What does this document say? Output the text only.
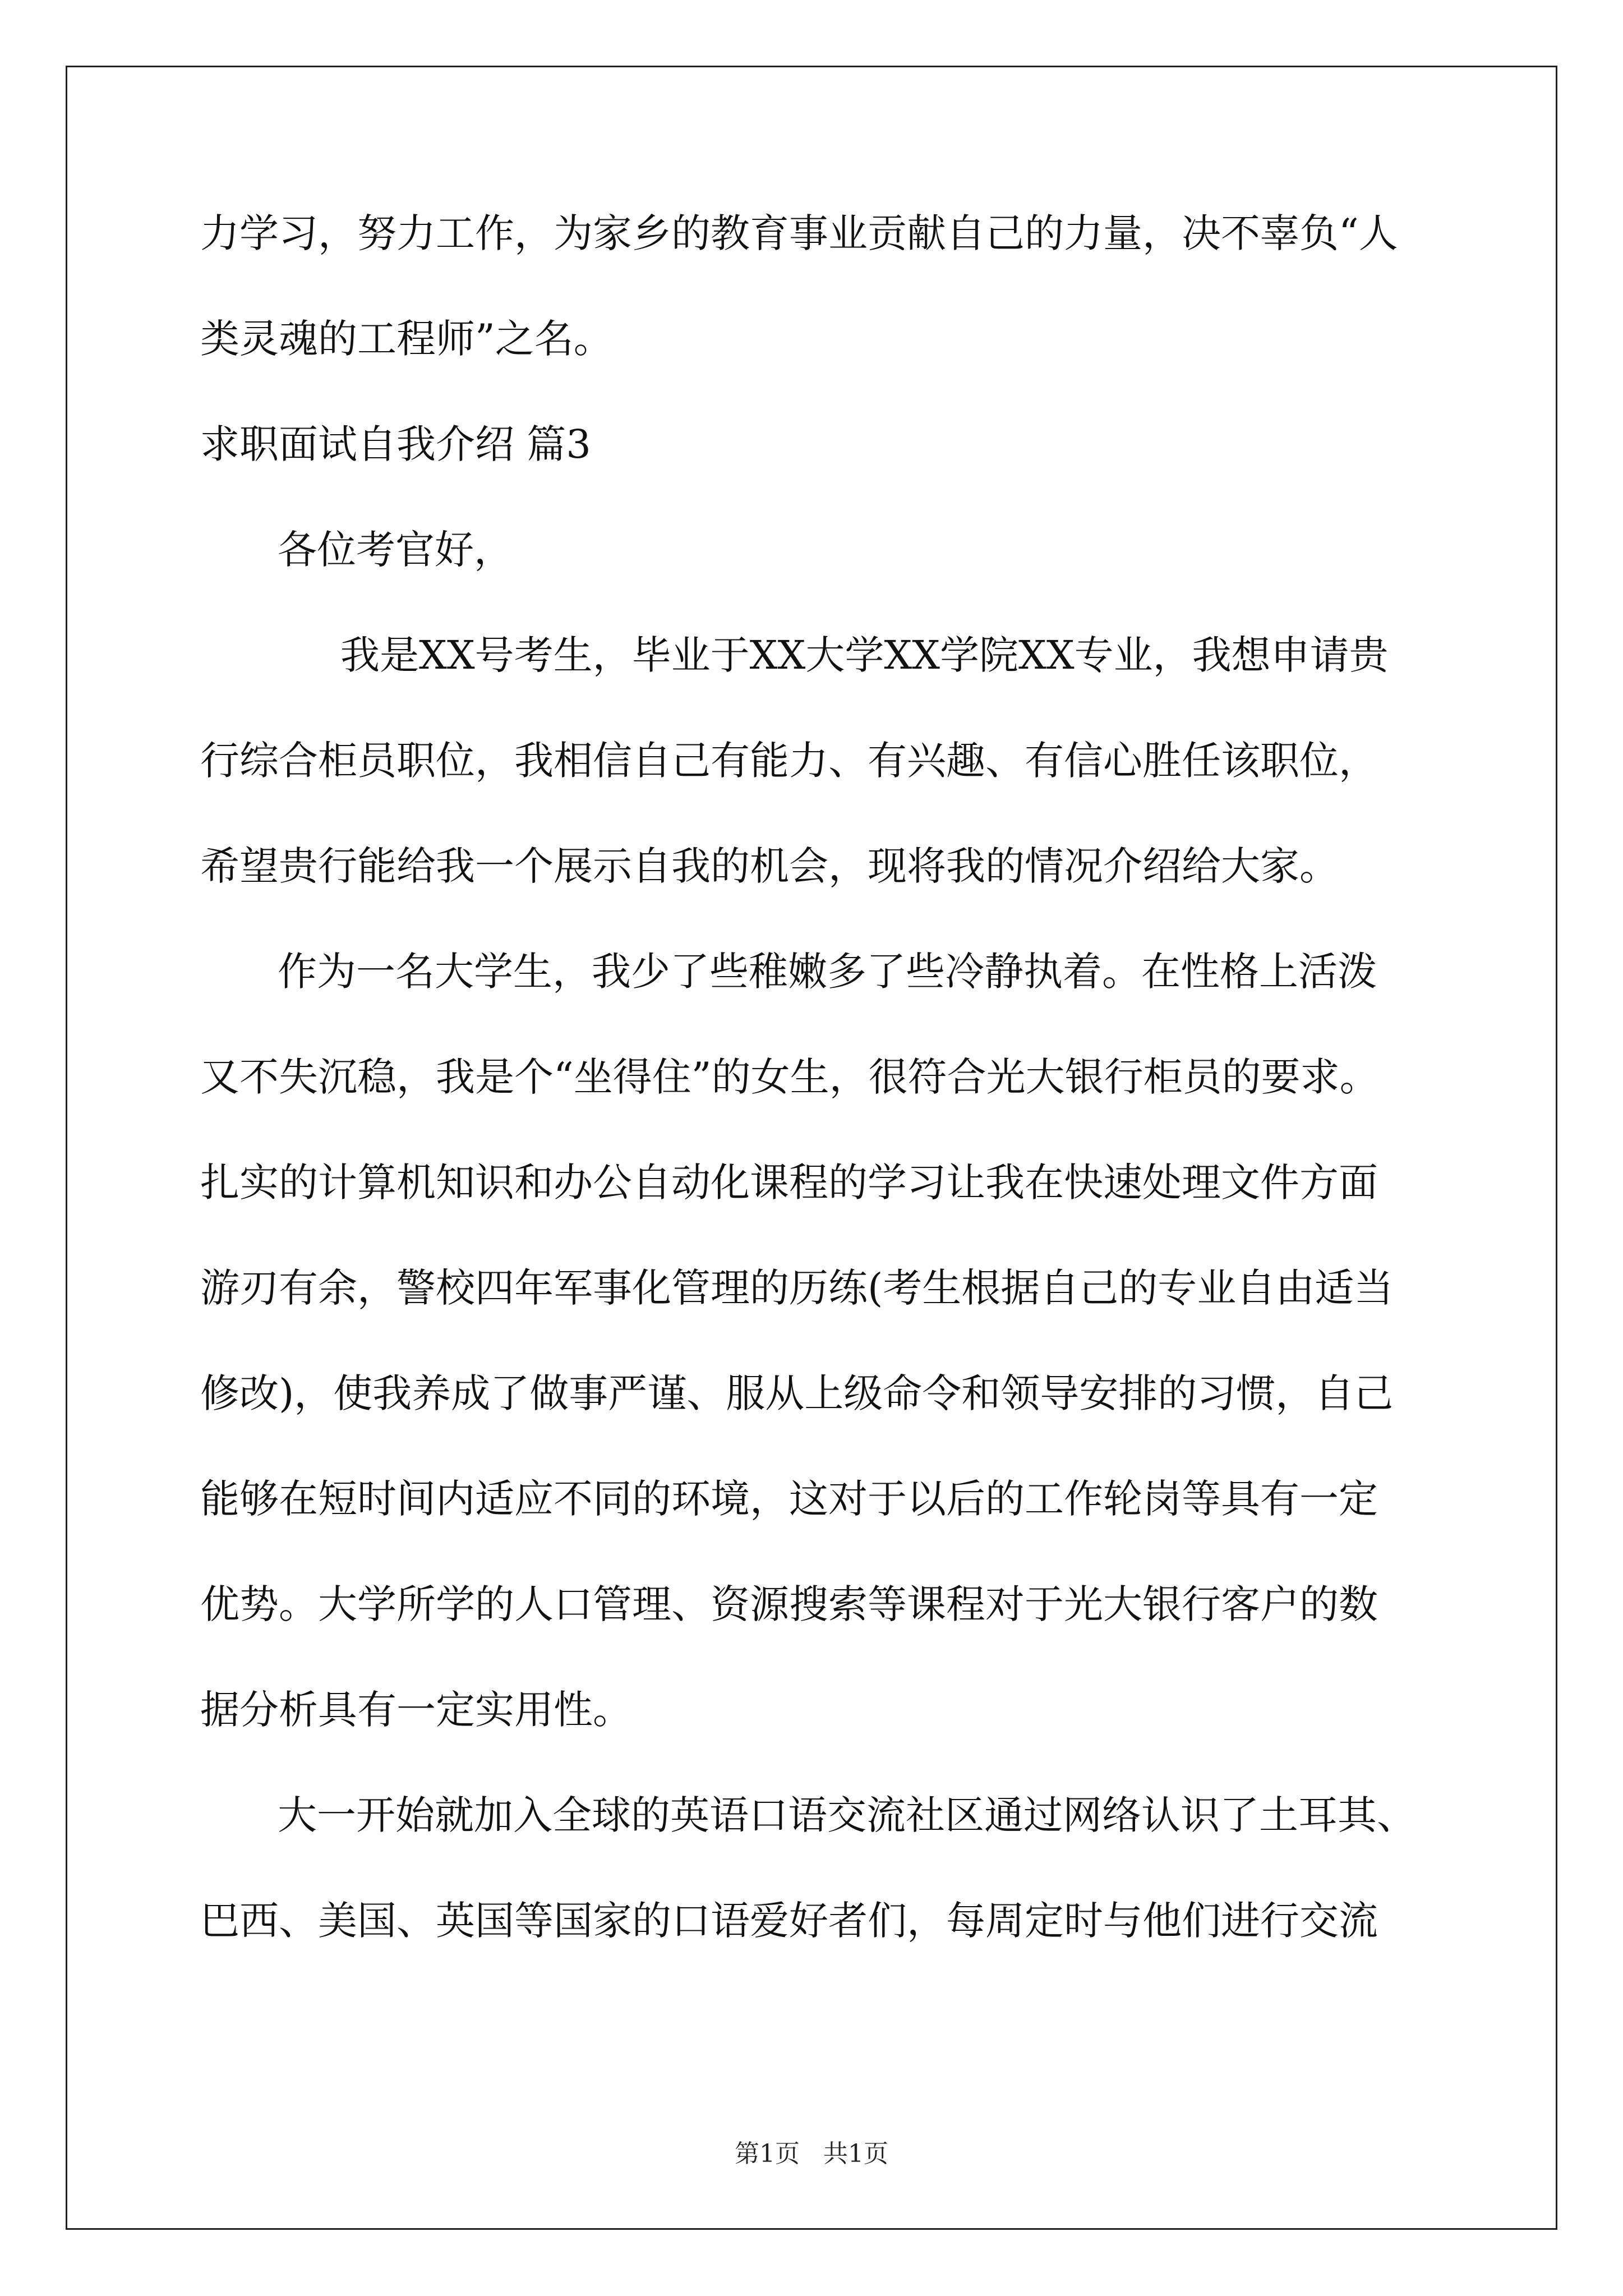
力学习，努力工作，为家乡的教育事业贡献自己的力量，决不辜负“人

类灵魂的工程师”之名。

求职面试自我介绍 篇3

各位考官好，

我是XX号考生，毕业于XX大学XX学院XX专业，我想申请贵

行综合柜员职位，我相信自己有能力、有兴趣、有信心胜任该职位，

希望贵行能给我一个展示自我的机会，现将我的情况介绍给大家。

作为一名大学生，我少了些稚嫩多了些冷静执着。在性格上活泼

又不失沉稳，我是个“坐得住”的女生，很符合光大银行柜员的要求。

扎实的计算机知识和办公自动化课程的学习让我在快速处理文件方面

游刃有余，警校四年军事化管理的历练(考生根据自己的专业自由适当

修改)，使我养成了做事严谨、服从上级命令和领导安排的习惯，自己

能够在短时间内适应不同的环境，这对于以后的工作轮岗等具有一定

优势。大学所学的人口管理、资源搜索等课程对于光大银行客户的数

据分析具有一定实用性。

大一开始就加入全球的英语口语交流社区通过网络认识了土耳其、

巴西、美国、英国等国家的口语爱好者们，每周定时与他们进行交流

第1页   共1页
